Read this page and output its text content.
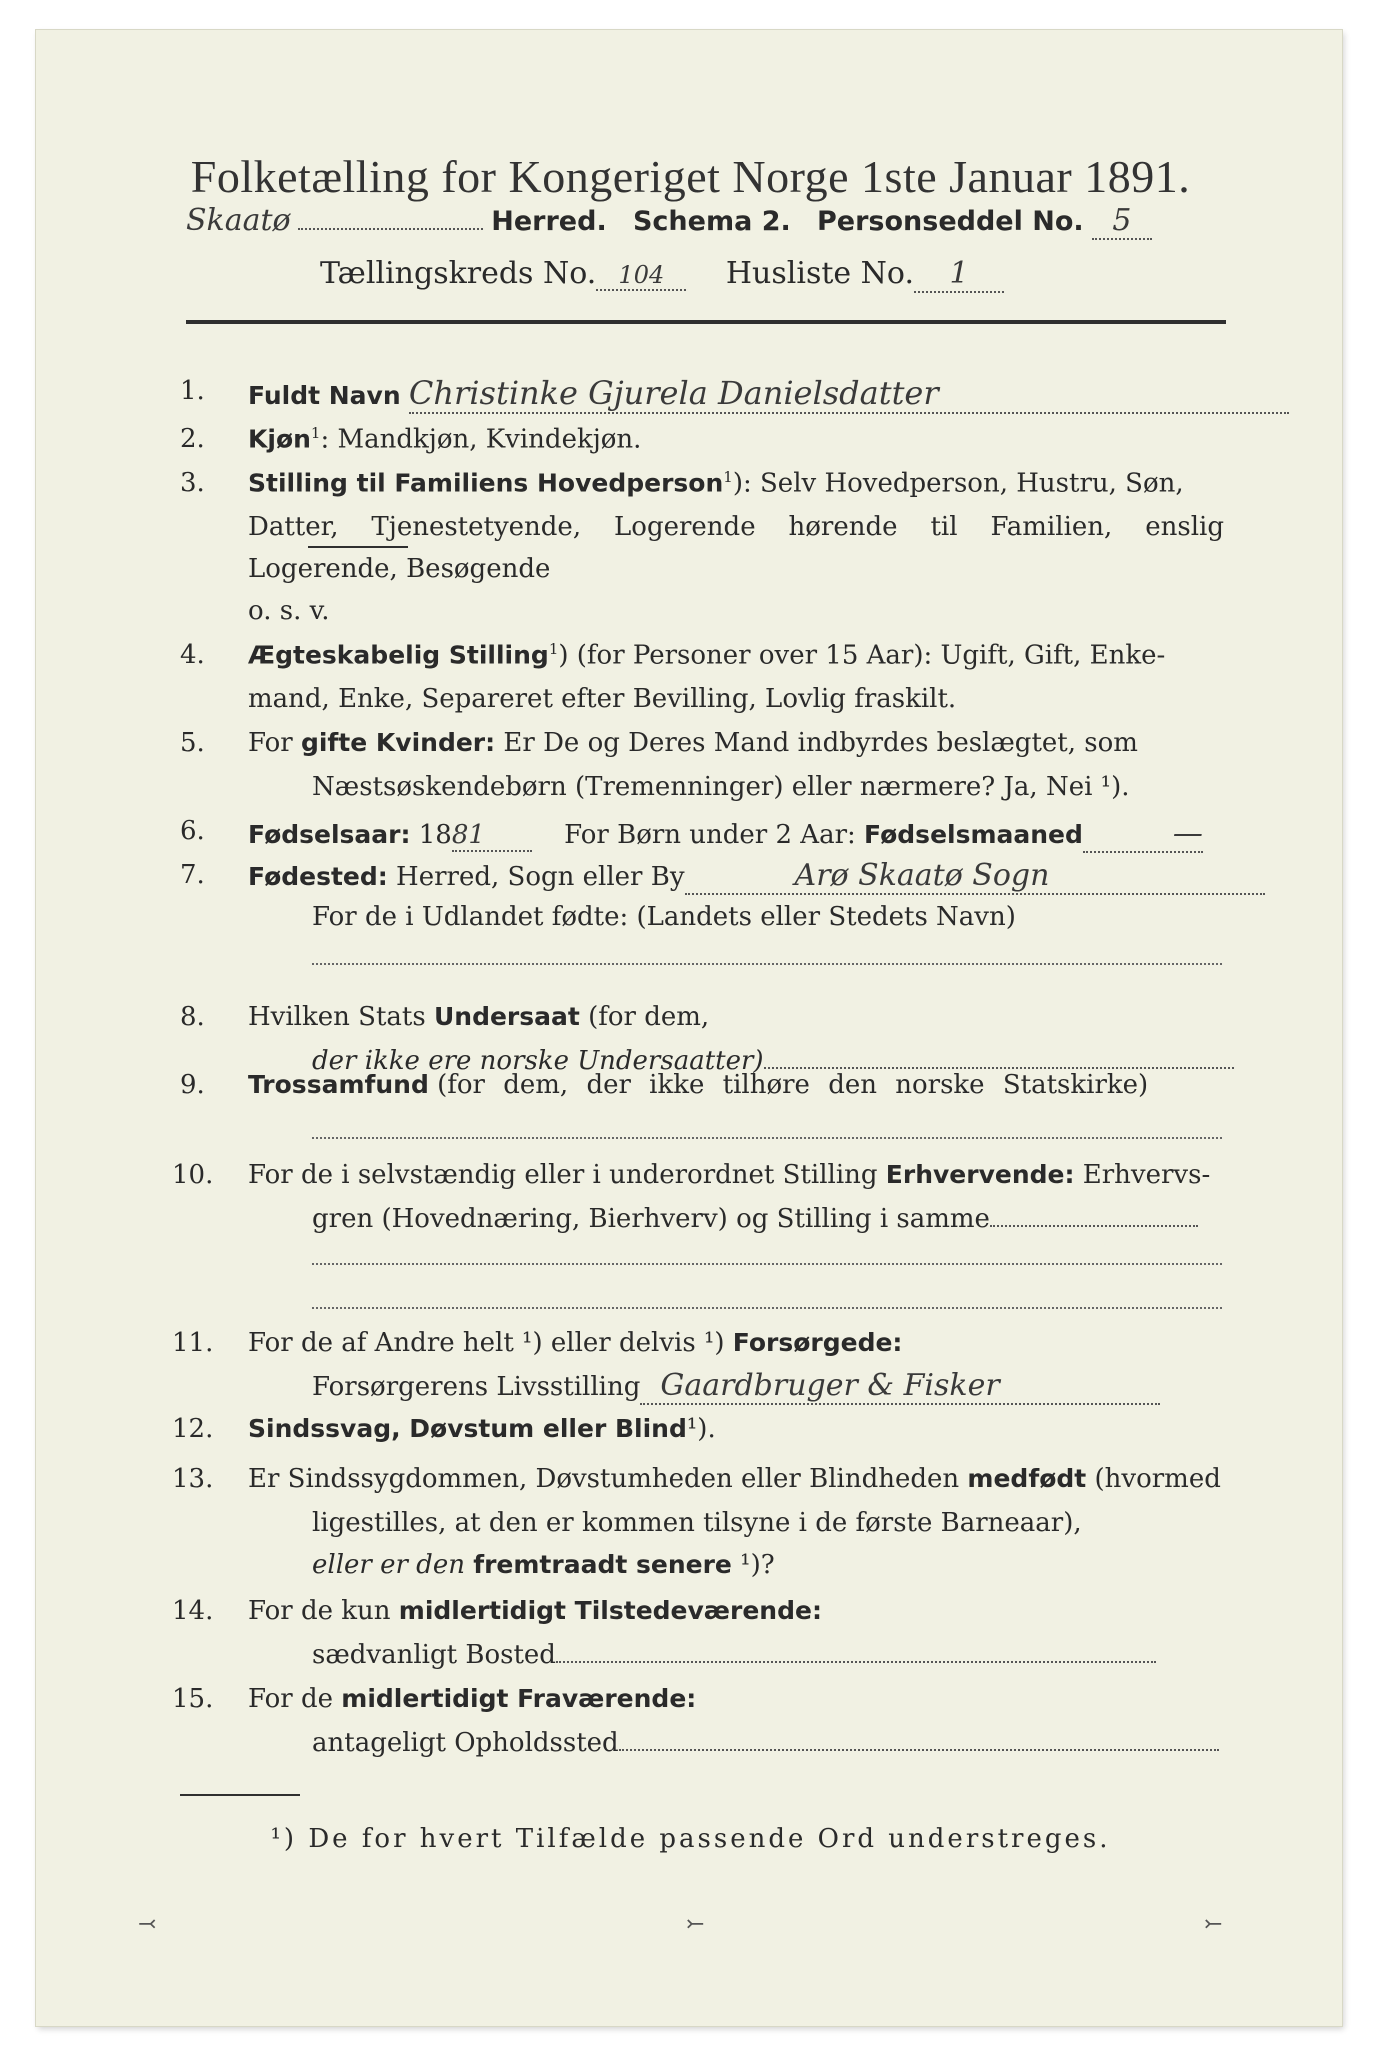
Folketælling for Kongeriget Norge 1ste Januar 1891.
Skaatø	Herred. Schema 2. Personseddel No. 5
Tællingskreds No. 104 Husliste No. 1
1. Fuldt Navn Christinke Gjurela Danielsdatter
2. Kjøn$^1$: Mandkjøn, Kvindekjøn.
3. Stilling til Familiens Hovedperson$^1$): Selv Hovedperson, Hustru, Søn,
Datter, Tjenestetyende, Logerende hørende til Familien, enslig
Logerende, Besøgende
o. s. v.
4. Ægteskabelig Stilling$^1$) (for Personer over 15 Aar): Ugift, Gift, Enke-
mand, Enke, Separeret efter Bevilling, Lovlig fraskilt.
5. For gifte Kvinder: Er De og Deres Mand indbyrdes beslægtet, som
Næstsøskendebørn (Tremenninger) eller nærmere? Ja, Nei ¹).
6. Fødselsaar: 1881	For Børn under 2 Aar: Fødselsmaaned	—
7. Fødested: Herred, Sogn eller By	Arø Skaatø Sogn
For de i Udlandet fødte: (Landets eller Stedets Navn)
8. Hvilken Stats Undersaat (for dem,
der ikke ere norske Undersaatter)
9. Trossamfund (for dem, der ikke tilhøre den norske Statskirke)
10. For de i selvstændig eller i underordnet Stilling Erhvervende: Erhvervs-
gren (Hovednæring, Bierhverv) og Stilling i samme
11. For de af Andre helt ¹) eller delvis ¹) Forsørgede:
Forsørgerens Livsstilling Gaardbruger & Fisker
12. Sindssvag, Døvstum eller Blind¹).
13. Er Sindssygdommen, Døvstumheden eller Blindheden medfødt (hvormed
ligestilles, at den er kommen tilsyne i de første Barneaar),
eller er den fremtraadt senere ¹)?
14. For de kun midlertidigt Tilstedeværende:
sædvanligt Bosted
15. For de midlertidigt Fraværende:
antageligt Opholdssted
¹) De for hvert Tilfælde passende Ord understreges.
⤙	⤚	⤚
